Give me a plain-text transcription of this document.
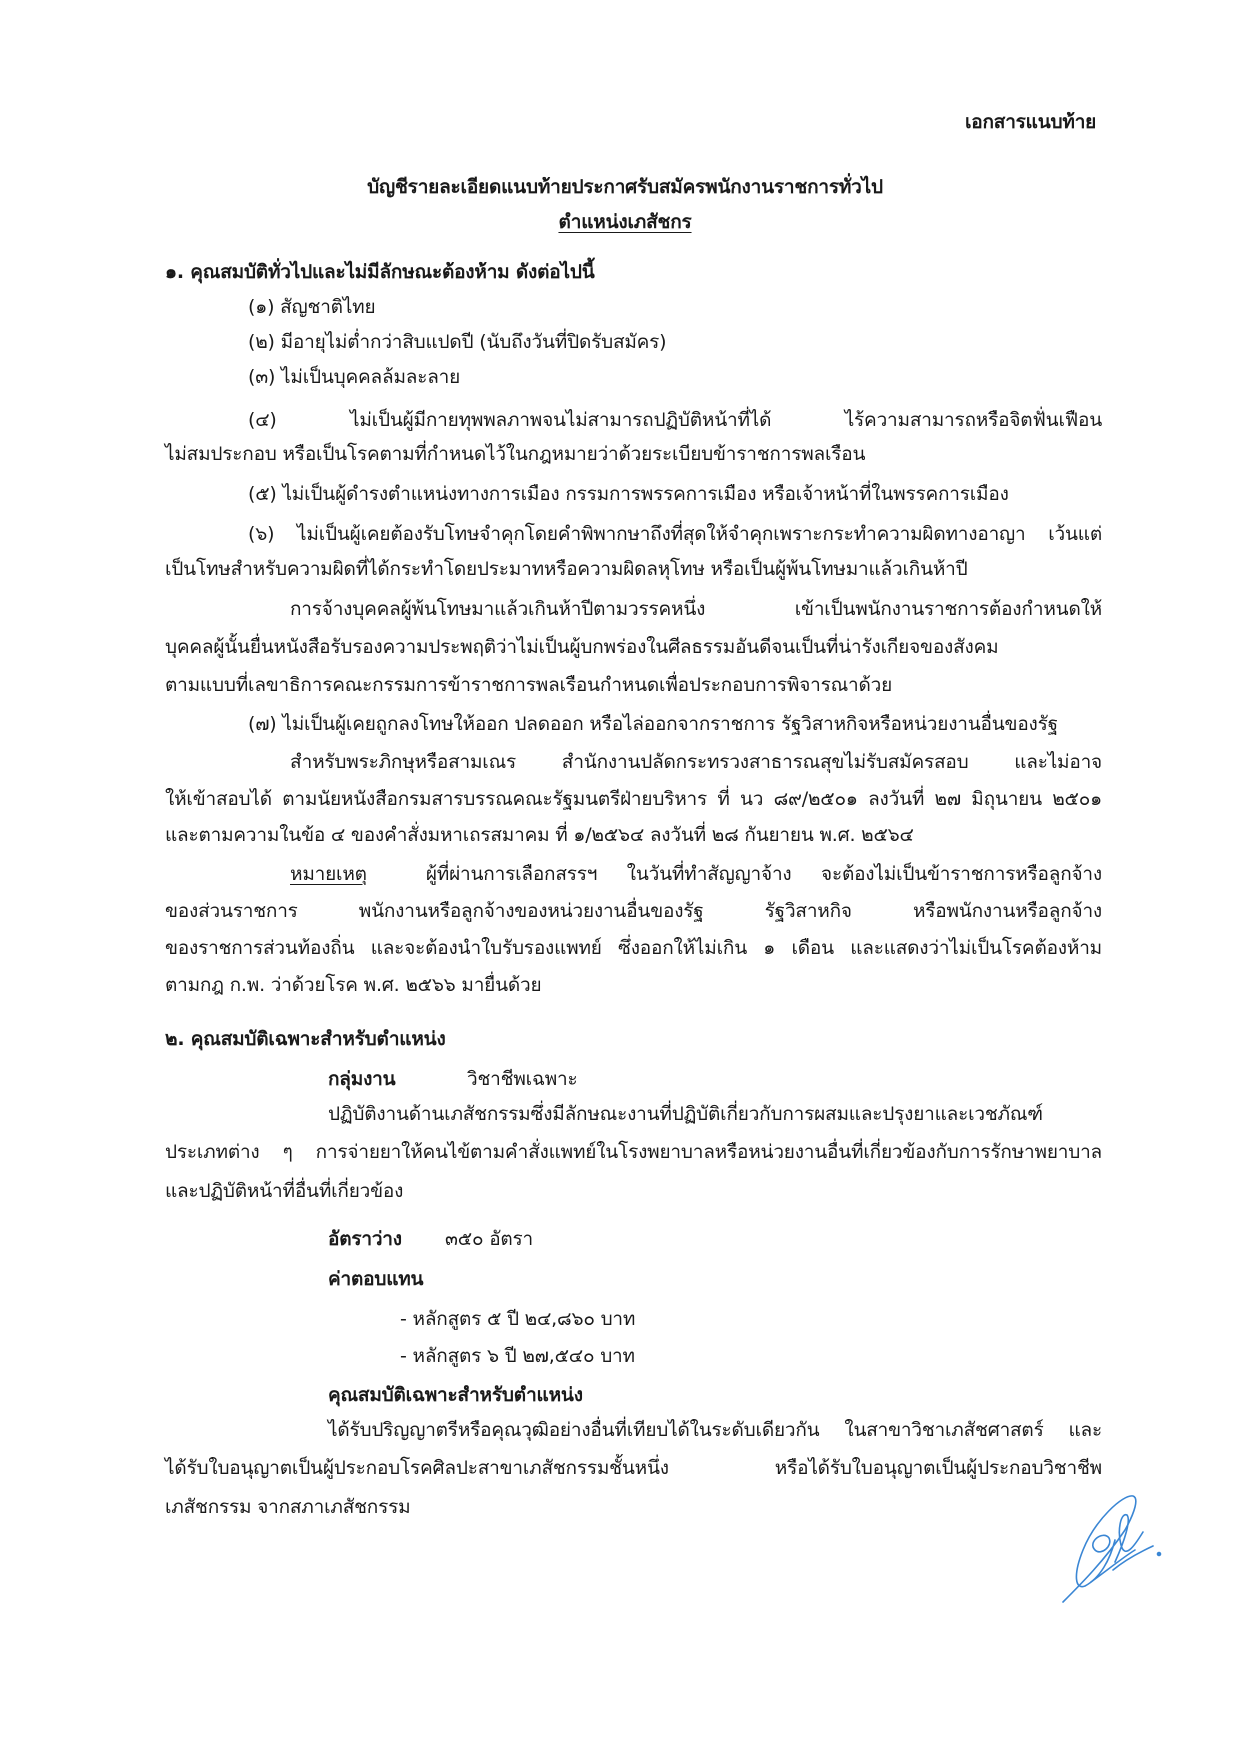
เอกสารแนบท้าย
บัญชีรายละเอียดแนบท้ายประกาศรับสมัครพนักงานราชการทั่วไป
ตำแหน่งเภสัชกร
๑. คุณสมบัติทั่วไปและไม่มีลักษณะต้องห้าม ดังต่อไปนี้
(๑) สัญชาติไทย
(๒) มีอายุไม่ต่ำกว่าสิบแปดปี (นับถึงวันที่ปิดรับสมัคร)
(๓) ไม่เป็นบุคคลล้มละลาย
(๔) ไม่เป็นผู้มีกายทุพพลภาพจนไม่สามารถปฏิบัติหน้าที่ได้ ไร้ความสามารถหรือจิตฟั่นเฟือน
ไม่สมประกอบ หรือเป็นโรคตามที่กำหนดไว้ในกฎหมายว่าด้วยระเบียบข้าราชการพลเรือน
(๕) ไม่เป็นผู้ดำรงตำแหน่งทางการเมือง กรรมการพรรคการเมือง หรือเจ้าหน้าที่ในพรรคการเมือง
(๖) ไม่เป็นผู้เคยต้องรับโทษจำคุกโดยคำพิพากษาถึงที่สุดให้จำคุกเพราะกระทำความผิดทางอาญา เว้นแต่
เป็นโทษสำหรับความผิดที่ได้กระทำโดยประมาทหรือความผิดลหุโทษ หรือเป็นผู้พ้นโทษมาแล้วเกินห้าปี
การจ้างบุคคลผู้พ้นโทษมาแล้วเกินห้าปีตามวรรคหนึ่ง เข้าเป็นพนักงานราชการต้องกำหนดให้
บุคคลผู้นั้นยื่นหนังสือรับรองความประพฤติว่าไม่เป็นผู้บกพร่องในศีลธรรมอันดีจนเป็นที่น่ารังเกียจของสังคม
ตามแบบที่เลขาธิการคณะกรรมการข้าราชการพลเรือนกำหนดเพื่อประกอบการพิจารณาด้วย
(๗) ไม่เป็นผู้เคยถูกลงโทษให้ออก ปลดออก หรือไล่ออกจากราชการ รัฐวิสาหกิจหรือหน่วยงานอื่นของรัฐ
สำหรับพระภิกษุหรือสามเณร สำนักงานปลัดกระทรวงสาธารณสุขไม่รับสมัครสอบ และไม่อาจ
ให้เข้าสอบได้ ตามนัยหนังสือกรมสารบรรณคณะรัฐมนตรีฝ่ายบริหาร ที่ นว ๘๙/๒๕๐๑ ลงวันที่ ๒๗ มิถุนายน ๒๕๐๑
และตามความในข้อ ๔ ของคำสั่งมหาเถรสมาคม ที่ ๑/๒๕๖๔ ลงวันที่ ๒๘ กันยายน พ.ศ. ๒๕๖๔
หมายเหตุ	ผู้ที่ผ่านการเลือกสรรฯ ในวันที่ทำสัญญาจ้าง จะต้องไม่เป็นข้าราชการหรือลูกจ้าง
ของส่วนราชการ พนักงานหรือลูกจ้างของหน่วยงานอื่นของรัฐ รัฐวิสาหกิจ หรือพนักงานหรือลูกจ้าง
ของราชการส่วนท้องถิ่น และจะต้องนำใบรับรองแพทย์ ซึ่งออกให้ไม่เกิน ๑ เดือน และแสดงว่าไม่เป็นโรคต้องห้าม
ตามกฎ ก.พ. ว่าด้วยโรค พ.ศ. ๒๕๖๖ มายื่นด้วย
๒. คุณสมบัติเฉพาะสำหรับตำแหน่ง
กลุ่มงาน	วิชาชีพเฉพาะ
ปฏิบัติงานด้านเภสัชกรรมซึ่งมีลักษณะงานที่ปฏิบัติเกี่ยวกับการผสมและปรุงยาและเวชภัณฑ์
ประเภทต่าง ๆ การจ่ายยาให้คนไข้ตามคำสั่งแพทย์ในโรงพยาบาลหรือหน่วยงานอื่นที่เกี่ยวข้องกับการรักษาพยาบาล
และปฏิบัติหน้าที่อื่นที่เกี่ยวข้อง
อัตราว่าง ๓๕๐ อัตรา
ค่าตอบแทน
- หลักสูตร ๕ ปี ๒๔,๘๖๐ บาท
- หลักสูตร ๖ ปี ๒๗,๕๔๐ บาท
คุณสมบัติเฉพาะสำหรับตำแหน่ง
ได้รับปริญญาตรีหรือคุณวุฒิอย่างอื่นที่เทียบได้ในระดับเดียวกัน ในสาขาวิชาเภสัชศาสตร์ และ
ได้รับใบอนุญาตเป็นผู้ประกอบโรคศิลปะสาขาเภสัชกรรมชั้นหนึ่ง หรือได้รับใบอนุญาตเป็นผู้ประกอบวิชาชีพ
เภสัชกรรม จากสภาเภสัชกรรม
